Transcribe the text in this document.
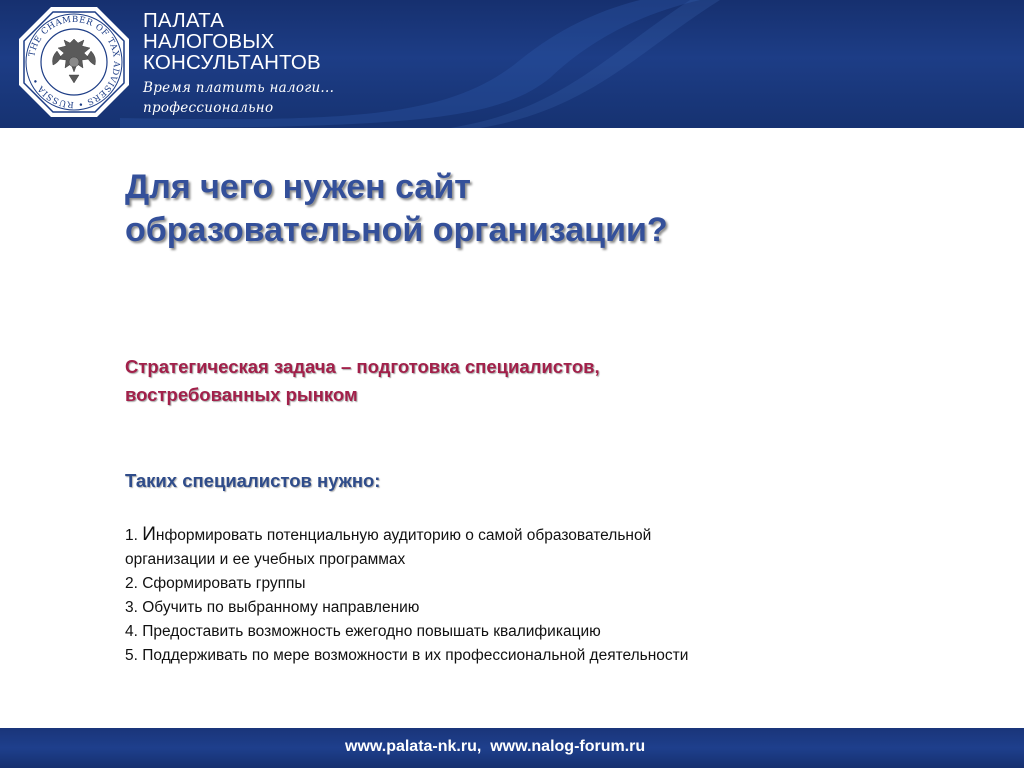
THE CHAMBER OF TAX ADVISERS • RUSSIA •
ПАЛАТА
НАЛОГОВЫХ
КОНСУЛЬТАНТОВ
Время платить налоги...
профессионально
Для чего нужен сайт
образовательной организации?
Стратегическая задача – подготовка специалистов,
востребованных рынком
Таких специалистов нужно:
1. Информировать потенциальную аудиторию о самой образовательной
организации и ее учебных программах
2. Сформировать группы
3. Обучить по выбранному направлению
4. Предоставить возможность ежегодно повышать квалификацию
5. Поддерживать по мере возможности в их профессиональной деятельности
www.palata-nk.ru,  www.nalog-forum.ru
